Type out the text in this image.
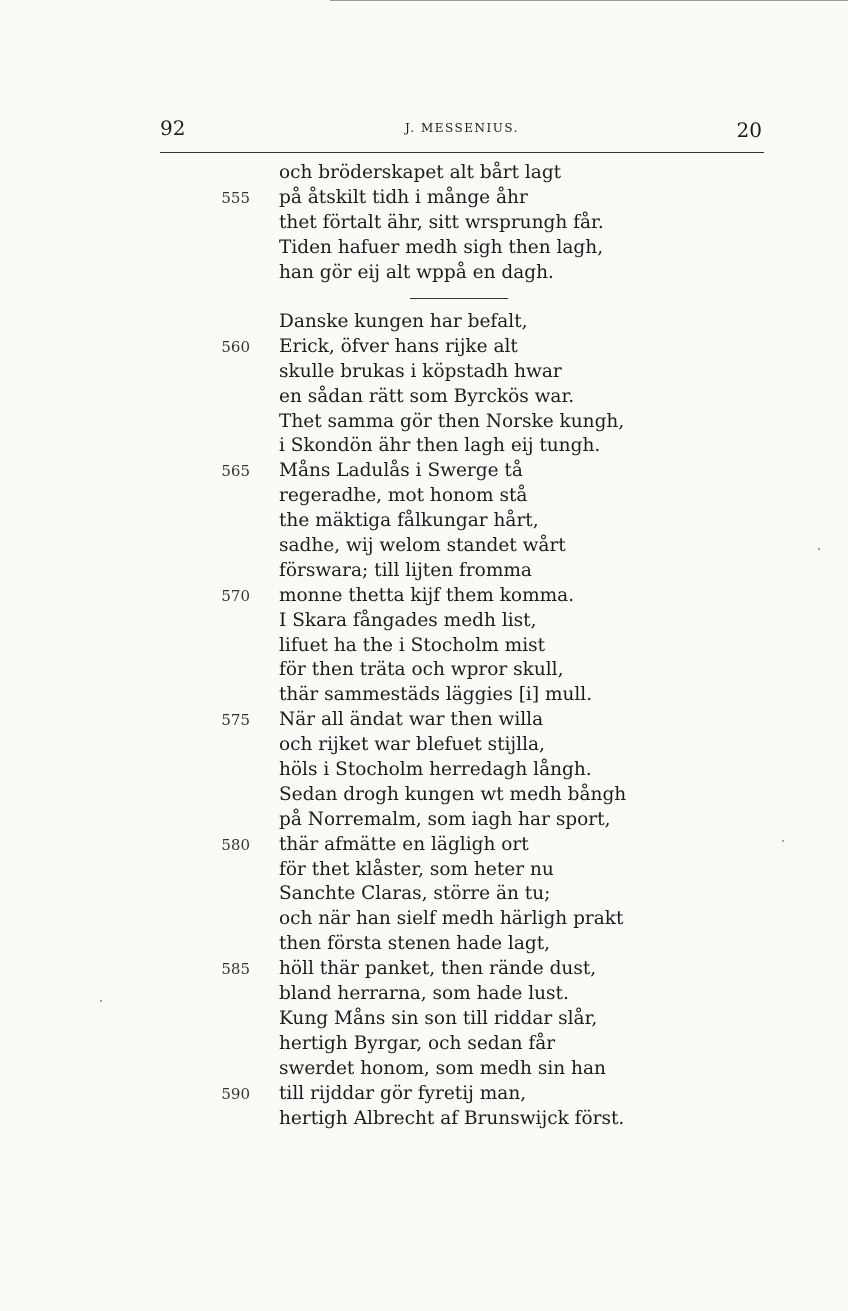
92	J. MESSENIUS.	20
och bröderskapet alt bårt lagt
555 på åtskilt tidh i månge åhr
thet förtalt ähr, sitt wrsprungh får.
Tiden hafuer medh sigh then lagh,
han gör eij alt wppå en dagh.
Danske kungen har befalt,
560 Erick, öfver hans rijke alt
skulle brukas i köpstadh hwar
en sådan rätt som Byrckös war.
Thet samma gör then Norske kungh,
i Skondön ähr then lagh eij tungh.
565 Måns Ladulås i Swerge tå
regeradhe, mot honom stå
the mäktiga fålkungar hårt,
sadhe, wij welom standet wårt
förswara; till lijten fromma
570 monne thetta kijf them komma.
I Skara fångades medh list,
lifuet ha the i Stocholm mist
för then träta och wpror skull,
thär sammestäds läggies [i] mull.
575 När all ändat war then willa
och rijket war blefuet stijlla,
höls i Stocholm herredagh långh.
Sedan drogh kungen wt medh bångh
på Norremalm, som iagh har sport,
580 thär afmätte en lägligh ort
för thet klåster, som heter nu
Sanchte Claras, större än tu;
och när han sielf medh härligh prakt
then första stenen hade lagt,
585 höll thär panket, then rände dust,
bland herrarna, som hade lust.
Kung Måns sin son till riddar slår,
hertigh Byrgar, och sedan får
swerdet honom, som medh sin han
590 till rijddar gör fyretij man,
hertigh Albrecht af Brunswijck först.
